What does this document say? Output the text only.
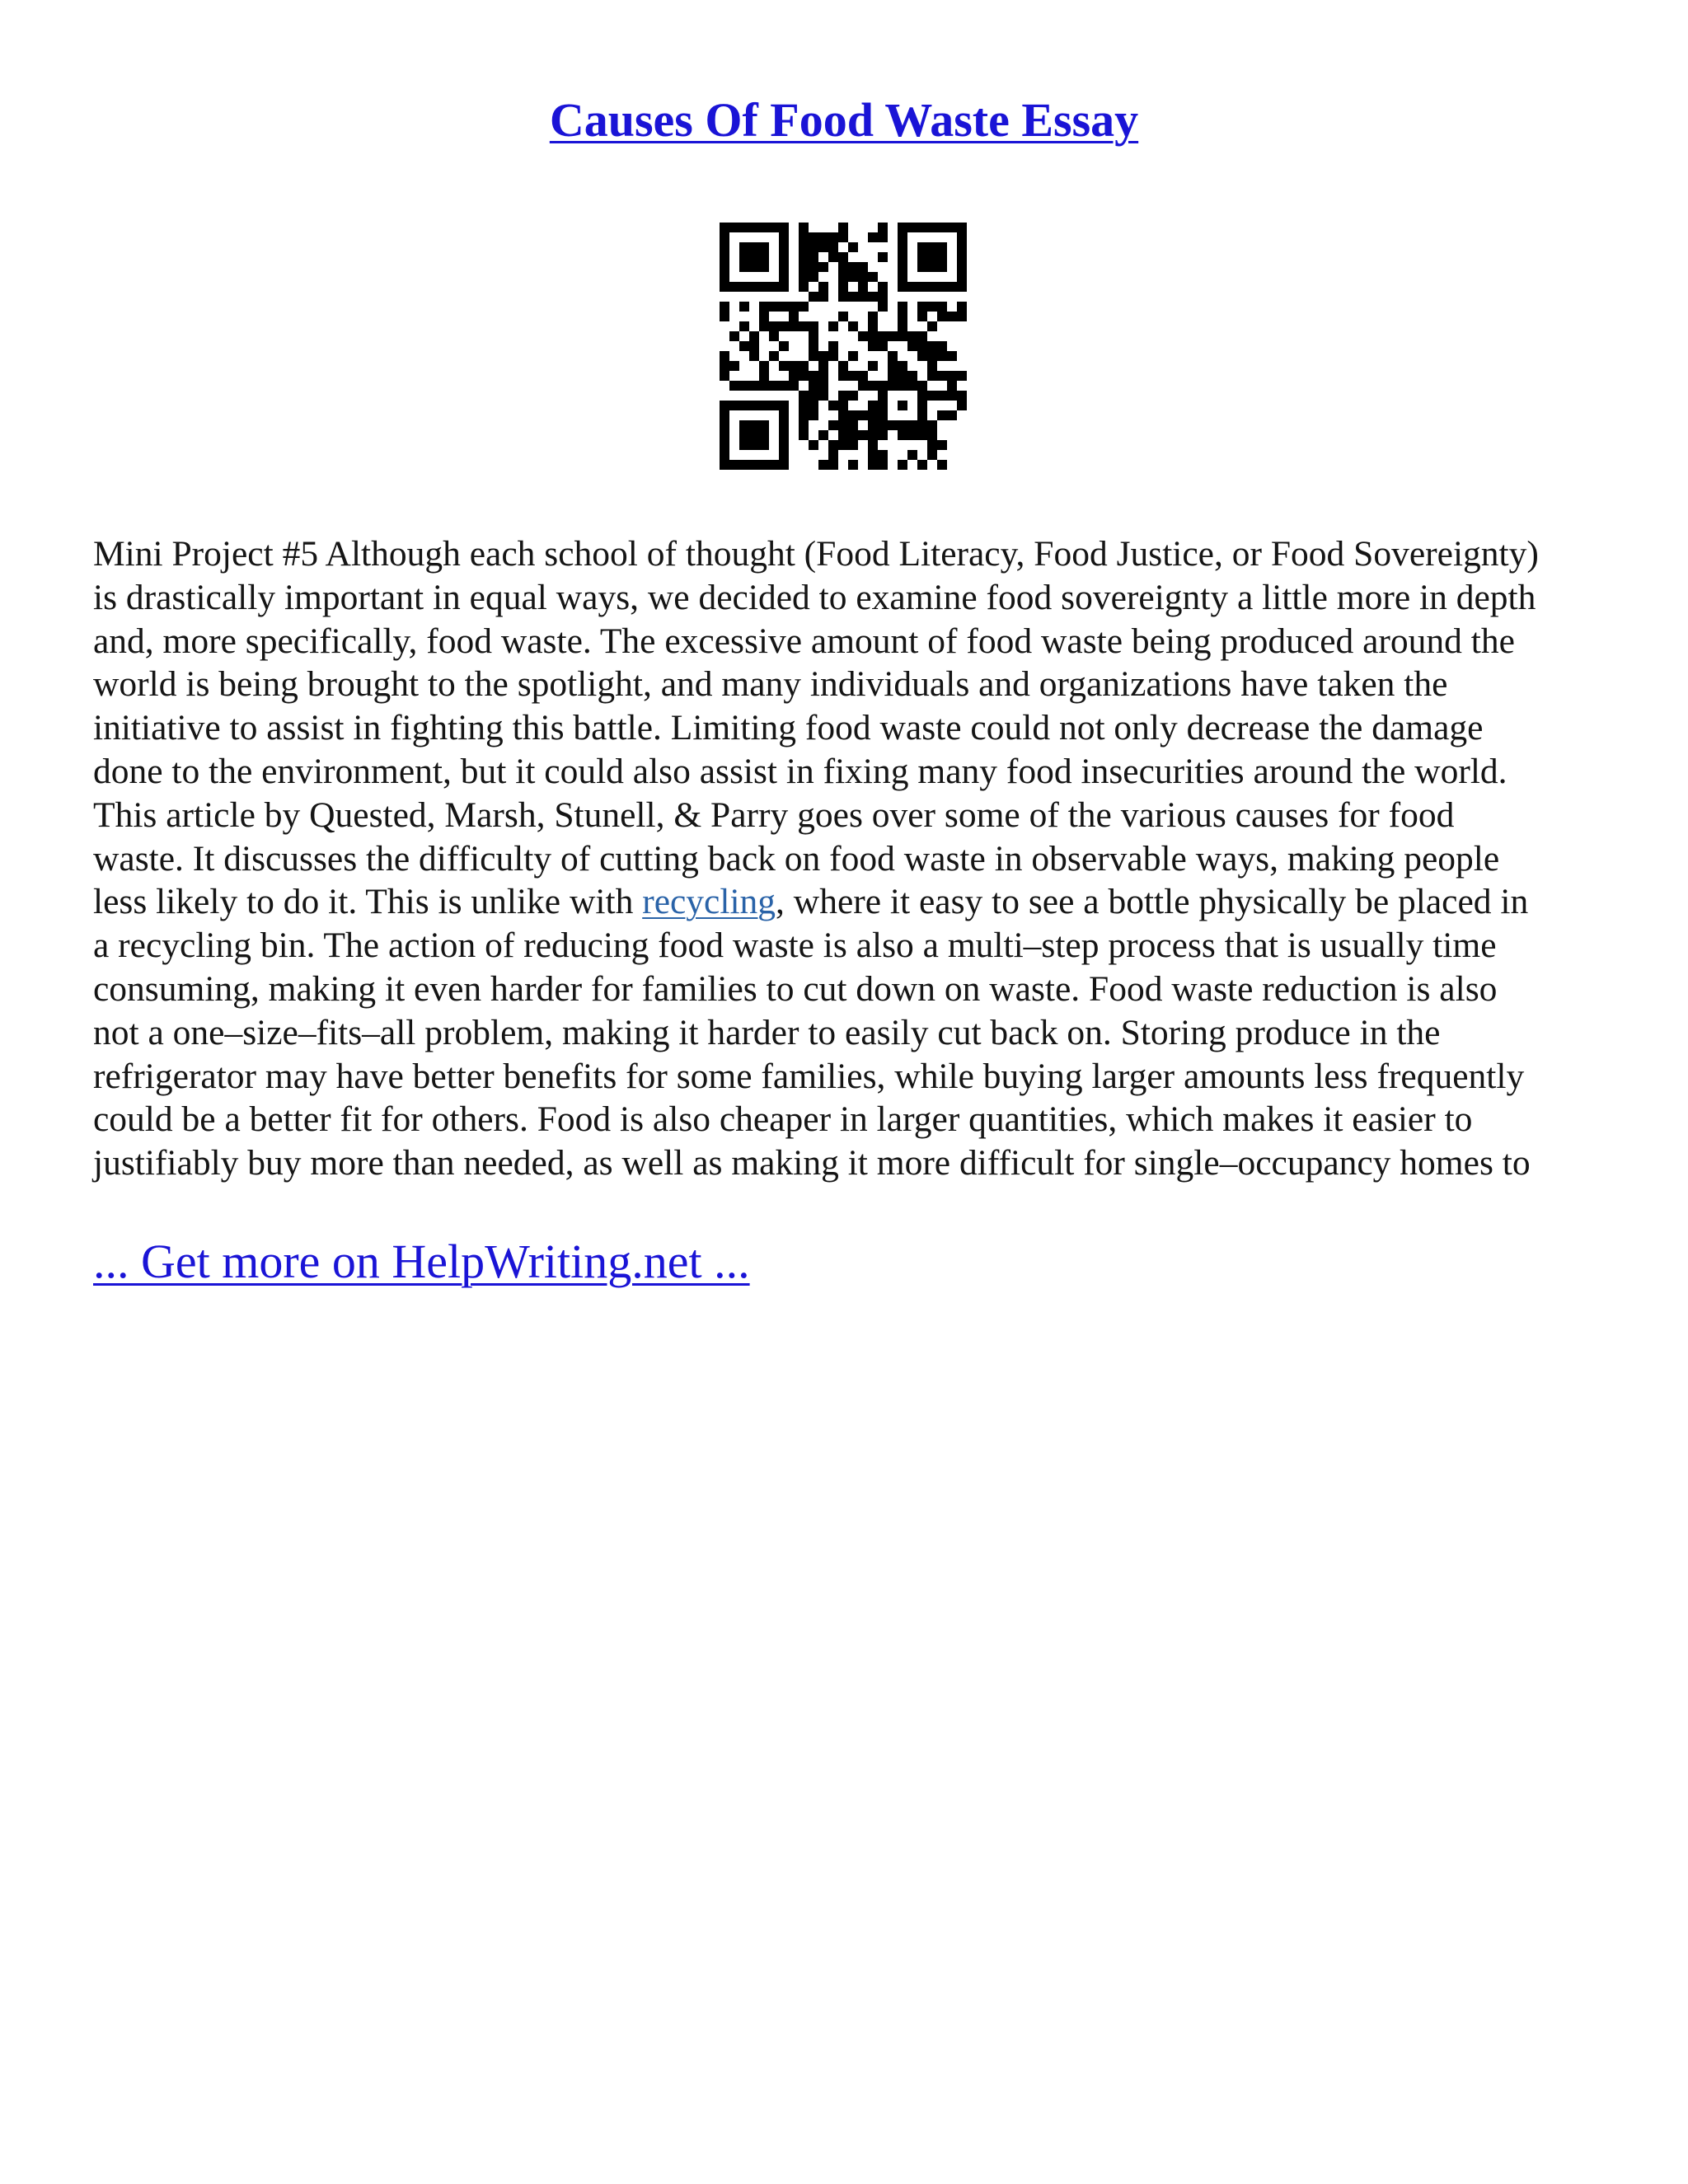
Causes Of Food Waste Essay

Mini Project #5 Although each school of thought (Food Literacy, Food Justice, or Food Sovereignty)
is drastically important in equal ways, we decided to examine food sovereignty a little more in depth
and, more specifically, food waste. The excessive amount of food waste being produced around the
world is being brought to the spotlight, and many individuals and organizations have taken the
initiative to assist in fighting this battle. Limiting food waste could not only decrease the damage
done to the environment, but it could also assist in fixing many food insecurities around the world.
This article by Quested, Marsh, Stunell, & Parry goes over some of the various causes for food
waste. It discusses the difficulty of cutting back on food waste in observable ways, making people
less likely to do it. This is unlike with recycling, where it easy to see a bottle physically be placed in
a recycling bin. The action of reducing food waste is also a multi–step process that is usually time
consuming, making it even harder for families to cut down on waste. Food waste reduction is also
not a one–size–fits–all problem, making it harder to easily cut back on. Storing produce in the
refrigerator may have better benefits for some families, while buying larger amounts less frequently
could be a better fit for others. Food is also cheaper in larger quantities, which makes it easier to
justifiably buy more than needed, as well as making it more difficult for single–occupancy homes to

... Get more on HelpWriting.net ...
